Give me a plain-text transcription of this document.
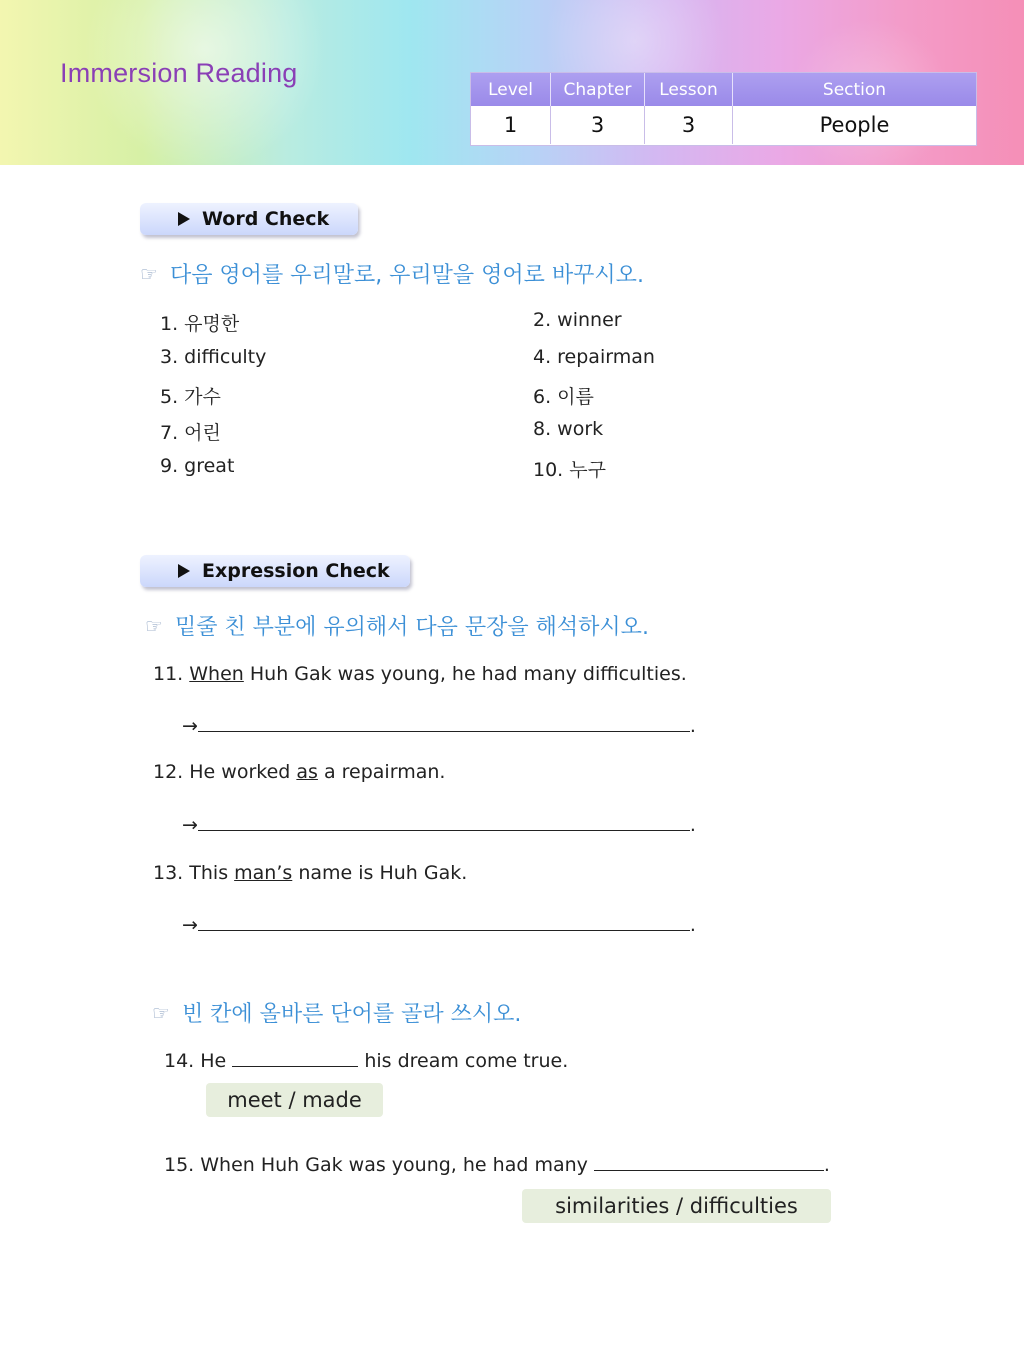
Immersion Reading
Level	Chapter	Lesson	Section
1	3	3	People
Word Check
☞ 다음 영어를 우리말로, 우리말을 영어로 바꾸시오.
1. 유명한	2. winner
3. difficulty	4. repairman
5. 가수	6. 이름
7. 어린	8. work
9. great	10. 누구
Expression Check
☞ 밑줄 친 부분에 유의해서 다음 문장을 해석하시오.
11. When Huh Gak was young, he had many difficulties.
→	.
12. He worked as a repairman.
→	.
13. This man’s name is Huh Gak.
→	.
☞ 빈 칸에 올바른 단어를 골라 쓰시오.
14. He	his dream come true.
meet / made
15. When Huh Gak was young, he had many	.
similarities / difficulties
